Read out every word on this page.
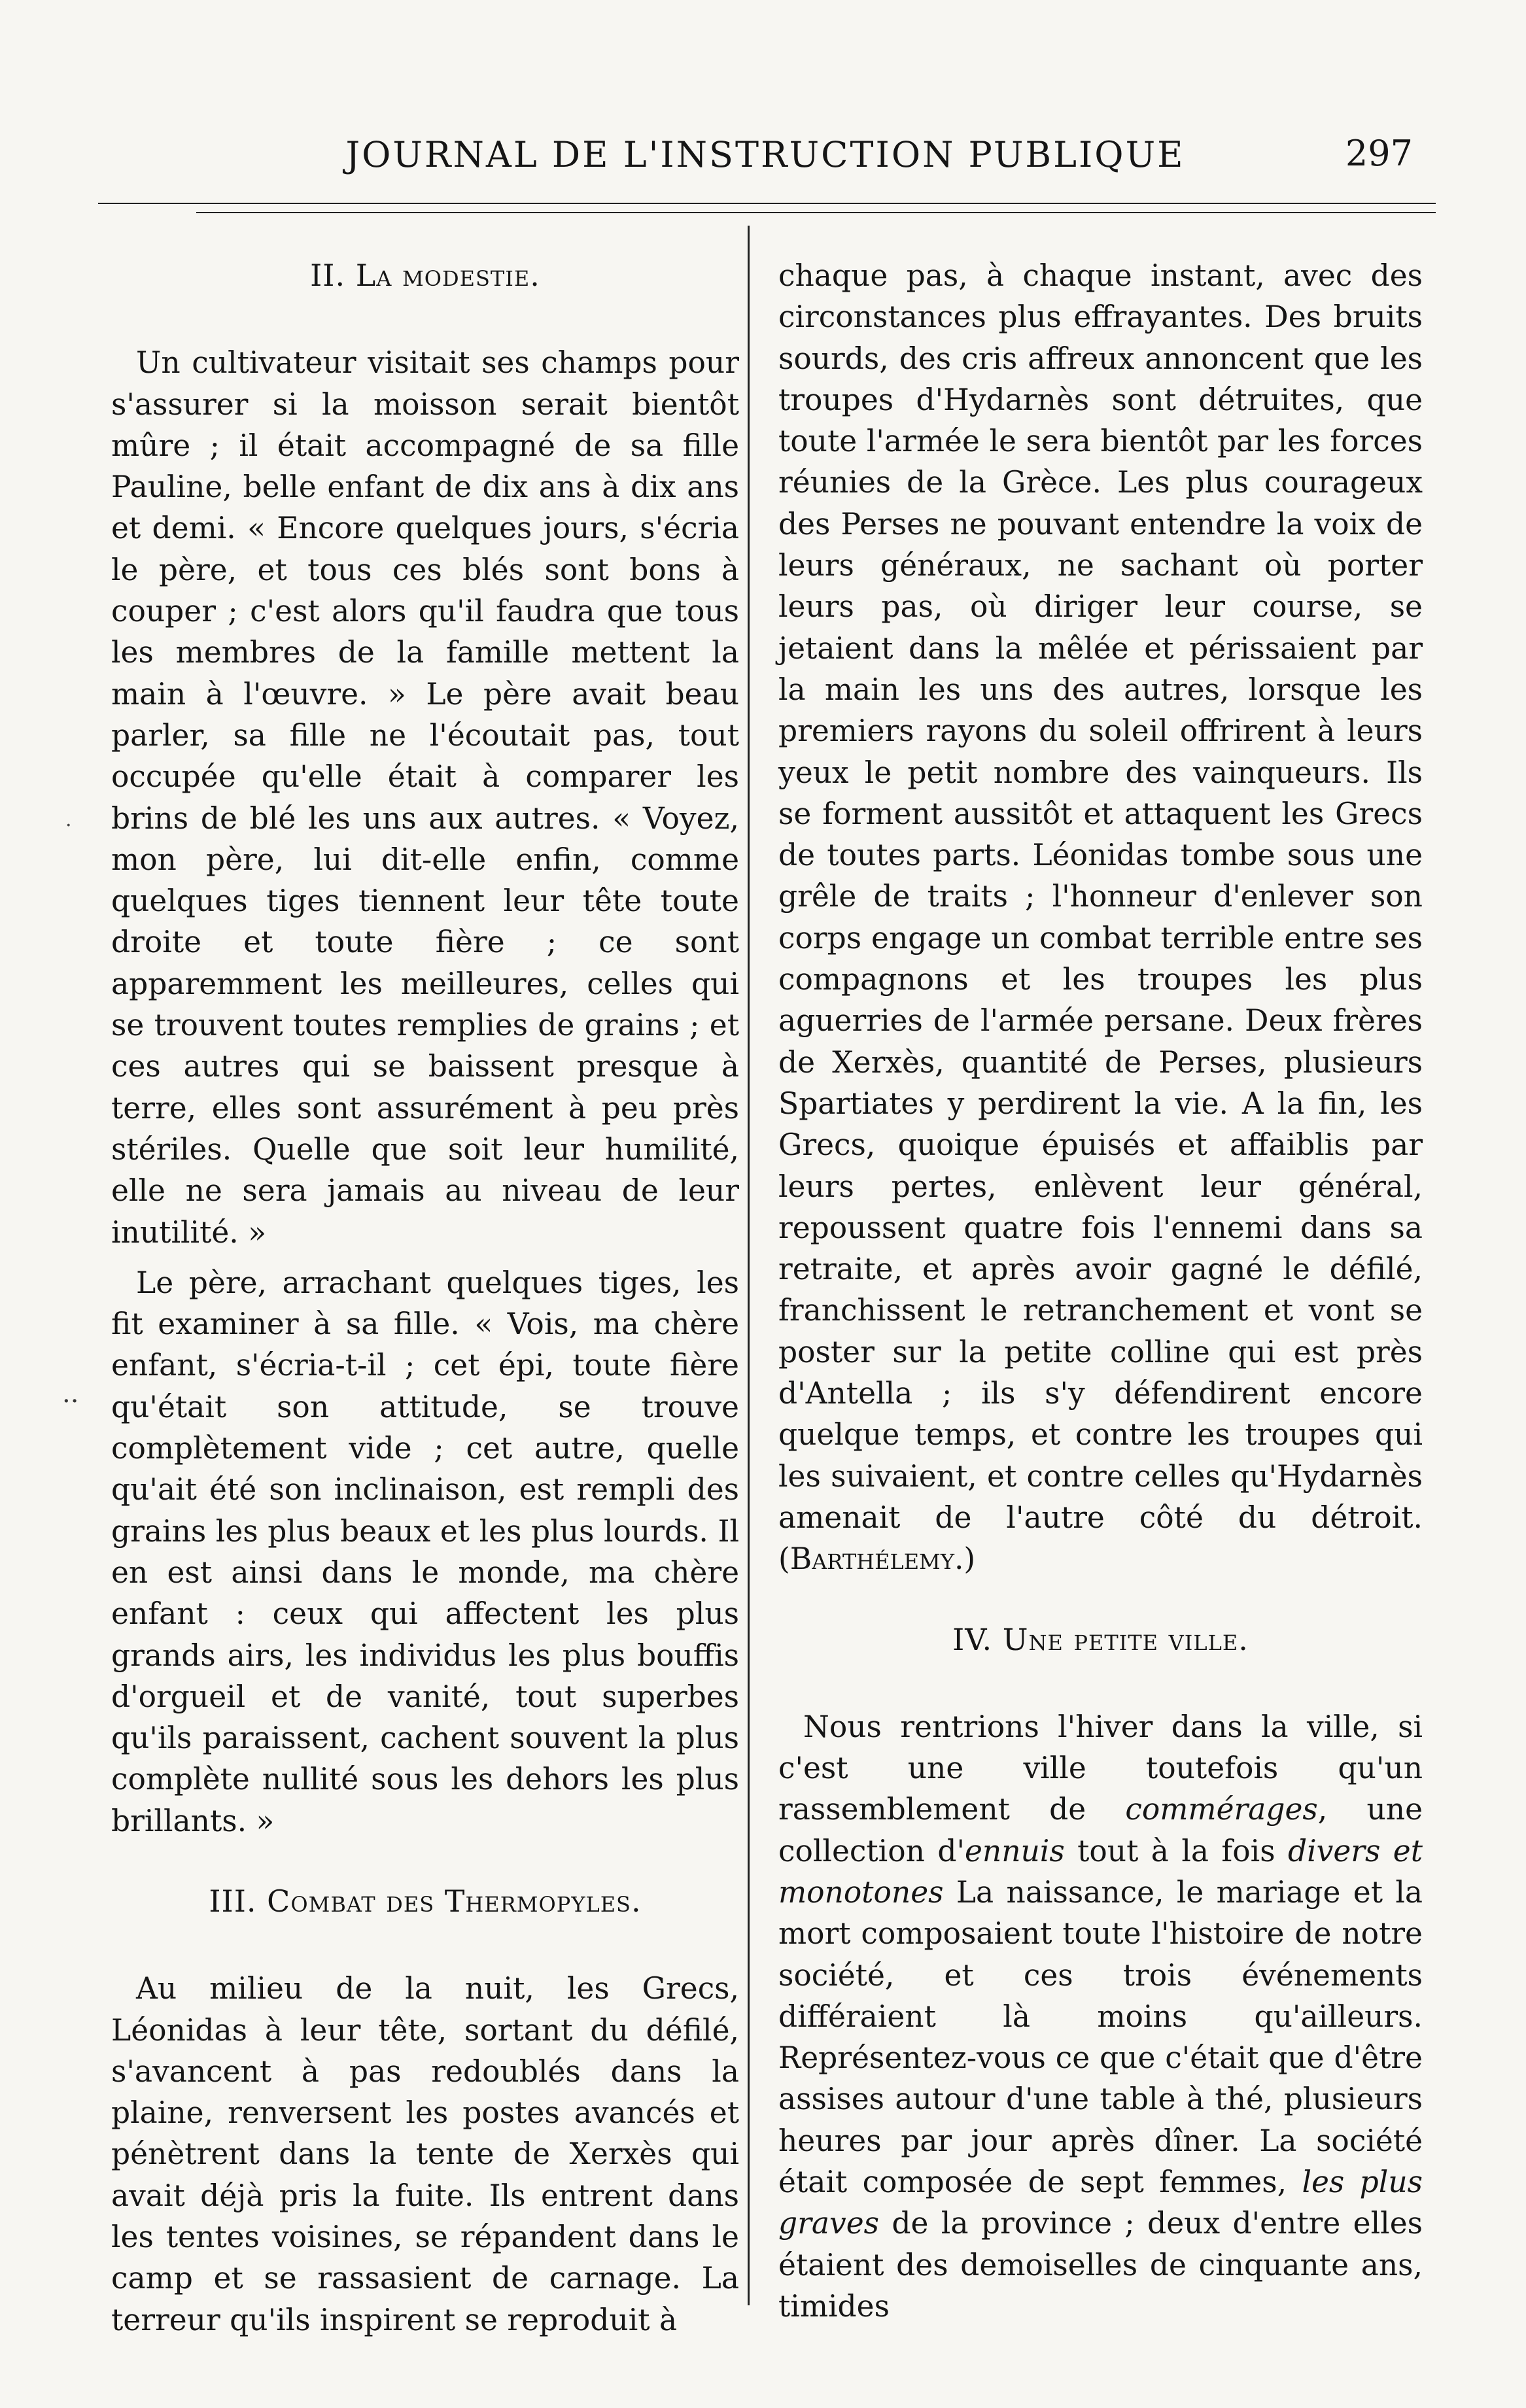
JOURNAL DE L'INSTRUCTION PUBLIQUE	297
··
·
II. La modestie.

Un cultivateur visitait ses champs pour s'assurer si la moisson serait bientôt mûre ; il était accompagné de sa fille Pauline, belle enfant de dix ans à dix ans et demi. « Encore quelques jours, s'écria le père, et tous ces blés sont bons à couper ; c'est alors qu'il faudra que tous les membres de la famille mettent la main à l'œuvre. » Le père avait beau parler, sa fille ne l'écoutait pas, tout occupée qu'elle était à comparer les brins de blé les uns aux autres. « Voyez, mon père, lui dit-elle enfin, comme quelques tiges tiennent leur tête toute droite et toute fière ; ce sont apparemment les meilleures, celles qui se trouvent toutes remplies de grains ; et ces autres qui se baissent presque à terre, elles sont assurément à peu près stériles. Quelle que soit leur humilité, elle ne sera jamais au niveau de leur inutilité. »

Le père, arrachant quelques tiges, les fit examiner à sa fille. « Vois, ma chère enfant, s'écria-t-il ; cet épi, toute fière qu'était son attitude, se trouve complètement vide ; cet autre, quelle qu'ait été son inclinaison, est rempli des grains les plus beaux et les plus lourds. Il en est ainsi dans le monde, ma chère enfant : ceux qui affectent les plus grands airs, les individus les plus bouffis d'orgueil et de vanité, tout superbes qu'ils paraissent, cachent souvent la plus complète nullité sous les dehors les plus brillants. »

III. Combat des Thermopyles.

Au milieu de la nuit, les Grecs, Léonidas à leur tête, sortant du défilé, s'avancent à pas redoublés dans la plaine, renversent les postes avancés et pénètrent dans la tente de Xerxès qui avait déjà pris la fuite. Ils entrent dans les tentes voisines, se répandent dans le camp et se rassasient de carnage. La terreur qu'ils inspirent se reproduit à

chaque pas, à chaque instant, avec des circonstances plus effrayantes. Des bruits sourds, des cris affreux annoncent que les troupes d'Hydarnès sont détruites, que toute l'armée le sera bientôt par les forces réunies de la Grèce. Les plus courageux des Perses ne pouvant entendre la voix de leurs généraux, ne sachant où porter leurs pas, où diriger leur course, se jetaient dans la mêlée et périssaient par la main les uns des autres, lorsque les premiers rayons du soleil offrirent à leurs yeux le petit nombre des vainqueurs. Ils se forment aussitôt et attaquent les Grecs de toutes parts. Léonidas tombe sous une grêle de traits ; l'honneur d'enlever son corps engage un combat terrible entre ses compagnons et les troupes les plus aguerries de l'armée persane. Deux frères de Xerxès, quantité de Perses, plusieurs Spartiates y perdirent la vie. A la fin, les Grecs, quoique épuisés et affaiblis par leurs pertes, enlèvent leur général, repoussent quatre fois l'ennemi dans sa retraite, et après avoir gagné le défilé, franchissent le retranchement et vont se poster sur la petite colline qui est près d'Antella ; ils s'y défendirent encore quelque temps, et contre les troupes qui les suivaient, et contre celles qu'Hydarnès amenait de l'autre côté du détroit. (Barthélemy.)

IV. Une petite ville.

Nous rentrions l'hiver dans la ville, si c'est une ville toutefois qu'un rassemblement de commérages, une collection d'ennuis tout à la fois divers et monotones La naissance, le mariage et la mort composaient toute l'histoire de notre société, et ces trois événements différaient là moins qu'ailleurs. Représentez-vous ce que c'était que d'être assises autour d'une table à thé, plusieurs heures par jour après dîner. La société était composée de sept femmes, les plus graves de la province ; deux d'entre elles étaient des demoiselles de cinquante ans, timides
